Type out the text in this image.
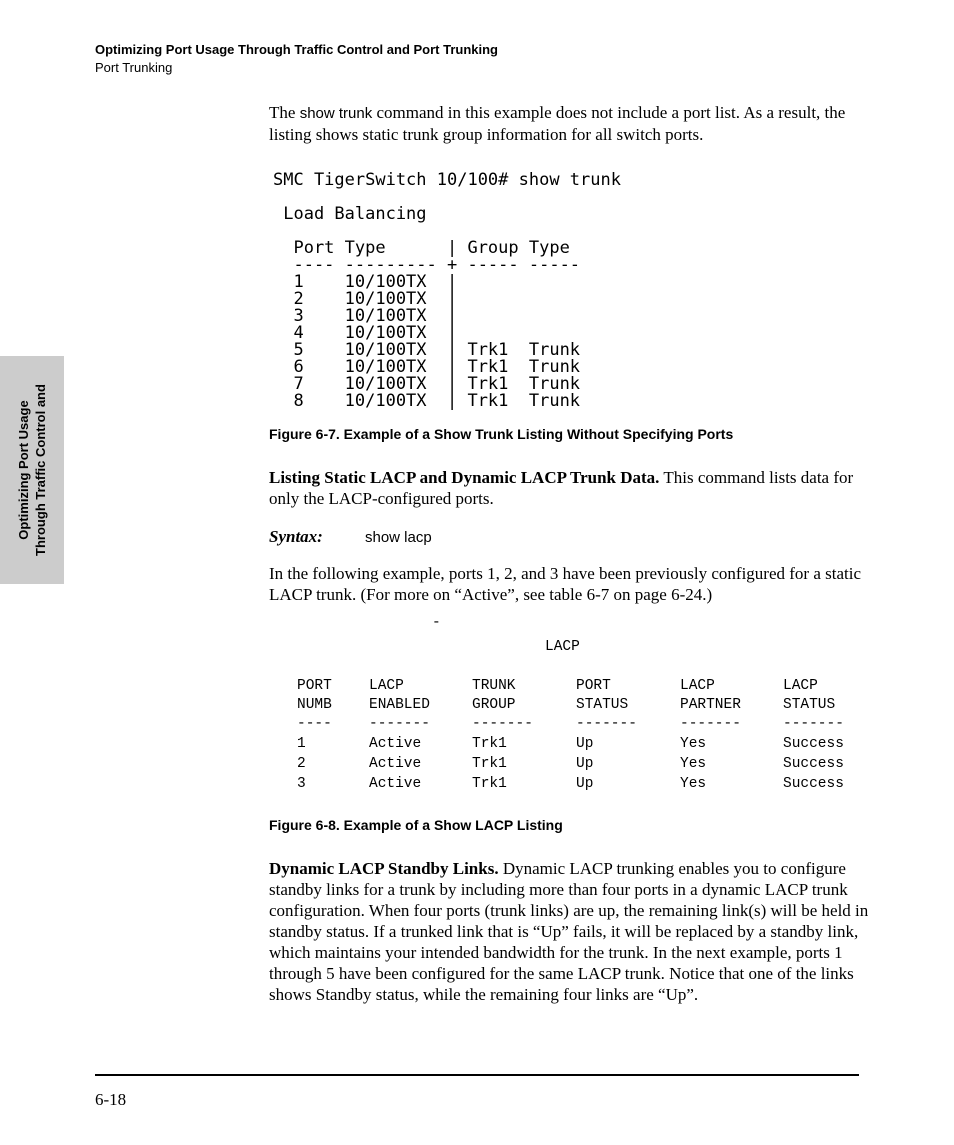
Optimizing Port Usage Through Traffic Control and Port Trunking
Port Trunking
Optimizing Port Usage Through Traffic Control and

The show trunk command in this example does not include a port list. As a result, the listing shows static trunk group information for all switch ports.

SMC TigerSwitch 10/100# show trunk

Load Balancing

Port Type      | Group Type
---- --------- + ----- -----
1    10/100TX  |
2    10/100TX  |
3    10/100TX  |
4    10/100TX  |
5    10/100TX  | Trk1  Trunk
6    10/100TX  | Trk1  Trunk
7    10/100TX  | Trk1  Trunk
8    10/100TX  | Trk1  Trunk
Figure 6-7. Example of a Show Trunk Listing Without Specifying Ports

Listing Static LACP and Dynamic LACP Trunk Data. This command lists data for only the LACP-configured ports.

Syntax:	show lacp

In the following example, ports 1, 2, and 3 have been previously configured for a static LACP trunk. (For more on “Active”, see table 6-7 on page 6-24.)

-
LACP
PORT	LACP	TRUNK	PORT	LACP	LACP
NUMB	ENABLED	GROUP	STATUS	PARTNER	STATUS
----	-------	-------	-------	-------	-------
1	Active	Trk1	Up	Yes	Success
2	Active	Trk1	Up	Yes	Success
3	Active	Trk1	Up	Yes	Success
Figure 6-8. Example of a Show LACP Listing

Dynamic LACP Standby Links. Dynamic LACP trunking enables you to configure standby links for a trunk by including more than four ports in a dynamic LACP trunk configuration. When four ports (trunk links) are up, the remaining link(s) will be held in standby status. If a trunked link that is “Up” fails, it will be replaced by a standby link, which maintains your intended bandwidth for the trunk. In the next example, ports 1 through 5 have been configured for the same LACP trunk. Notice that one of the links shows Standby status, while the remaining four links are “Up”.

6-18
